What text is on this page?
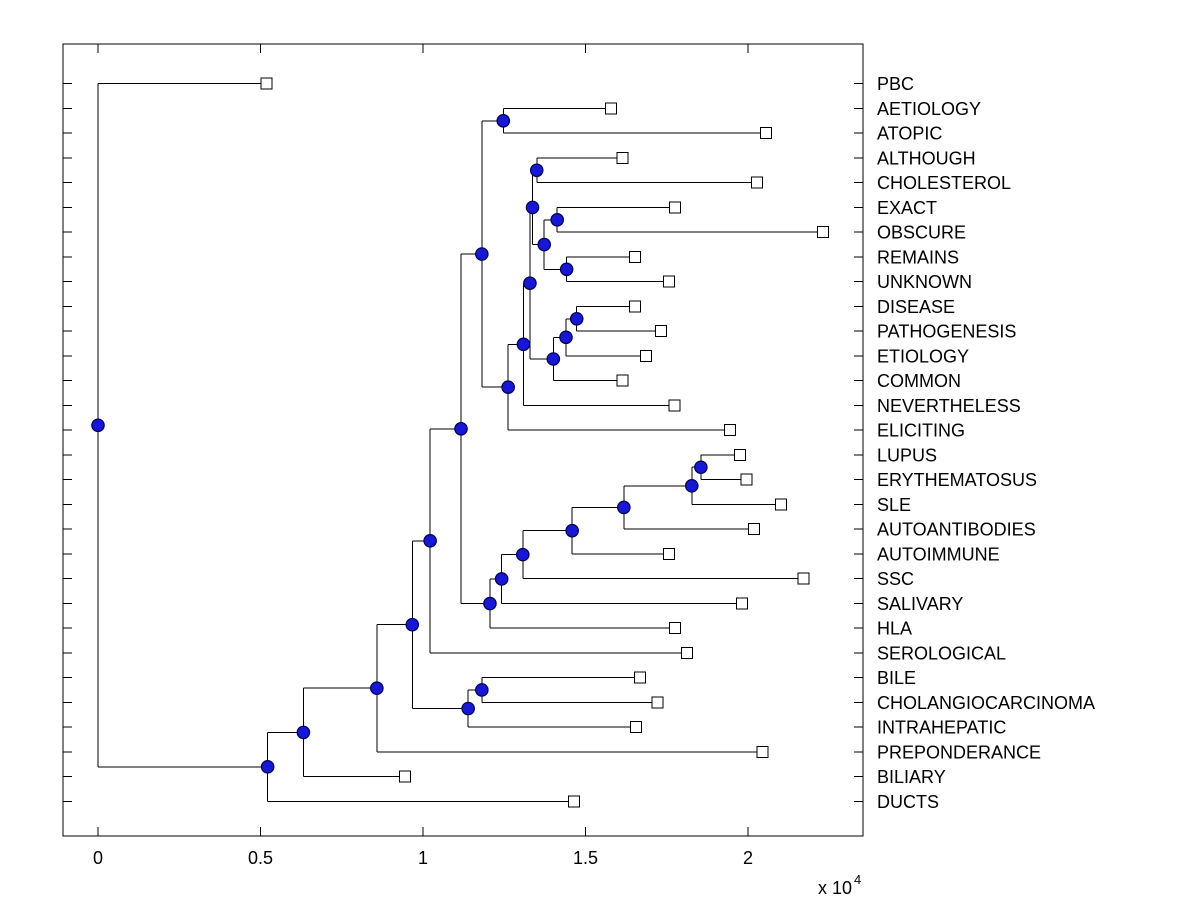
0	0.5	1	1.5	2
PBC
AETIOLOGY
ATOPIC
ALTHOUGH
CHOLESTEROL
EXACT
OBSCURE
REMAINS
UNKNOWN
DISEASE
PATHOGENESIS
ETIOLOGY
COMMON
NEVERTHELESS
ELICITING
LUPUS
ERYTHEMATOSUS
SLE
AUTOANTIBODIES
AUTOIMMUNE
SSC
SALIVARY
HLA
SEROLOGICAL
BILE
CHOLANGIOCARCINOMA
INTRAHEPATIC
PREPONDERANCE
BILIARY
DUCTS
x 10 $^4$
